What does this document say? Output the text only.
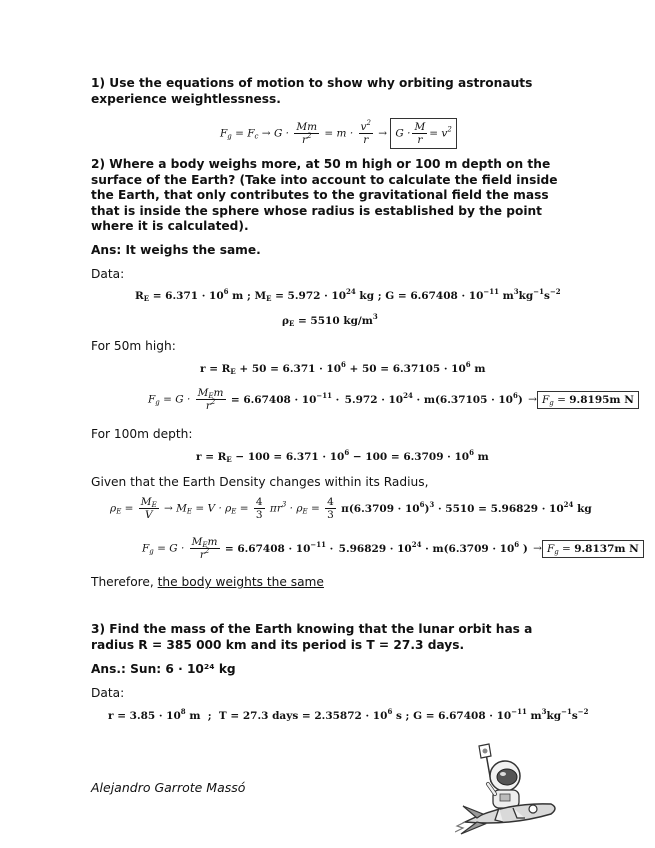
1) Use the equations of motion to show why orbiting astronauts experience weightlessness.
$F_g = F_c \to G \cdot \frac{Mm}{r^2} = m \cdot \frac{v^2}{r} \to G \cdot \frac{M}{r} = v^2$
2) Where a body weighs more, at 50 m high or 100 m depth on the surface of the Earth? (Take into account to calculate the field inside the Earth, that only contributes to the gravitational field the mass that is inside the sphere whose radius is established by the point where it is calculated).
Ans: It weighs the same.
Data:
$R_E = 6.371 \cdot 10^6$ m ; $M_E = 5.972 \cdot 10^{24}$ kg ; $G = 6.67408 \cdot 10^{-11}$ $m^3kg^{-1}s^{-2}$
$\rho_E = 5510$ $kg/m^3$
For 50m high:
$r = R_E + 50 = 6.371 \cdot 10^6 + 50 = 6.37105 \cdot 10^6$ m
$F_g = G \cdot \frac{M_Em}{r^2} = 6.67408 \cdot 10^{-11} \cdot 5.972 \cdot 10^{24} \cdot m(6.37105 \cdot 10^6) \to F_g = 9.8195m$ N
For 100m depth:
$r = R_E - 100 = 6.371 \cdot 10^6 - 100 = 6.3709 \cdot 10^6$ m
Given that the Earth Density changes within its Radius,
$\rho_E = \frac{M_E}{V} \to M_E = V \cdot \rho_E = \frac{4}{3} \pi r^3 \cdot \rho_E = \frac{4}{3} \pi(6.3709 \cdot 10^6)^3 \cdot 5510 = 5.96829 \cdot 10^{24}$ kg
$F_g = G \cdot \frac{M_Em}{r^2} = 6.67408 \cdot 10^{-11} \cdot 5.96829 \cdot 10^{24} \cdot m(6.3709 \cdot 10^6$ ) → $F_g = 9.8137m$ N
Therefore, the body weights the same
3) Find the mass of the Earth knowing that the lunar orbit has a radius R = 385 000 km and its period is T = 27.3 days.
Ans.: Sun: 6 · 10²⁴ kg
Data:
$r = 3.85 \cdot 10^8$ m  ;  T = 27.3 days = $2.35872 \cdot 10^6$ s ; $G = 6.67408 \cdot 10^{-11}$ $m^3kg^{-1}s^{-2}$
Alejandro Garrote Massó
